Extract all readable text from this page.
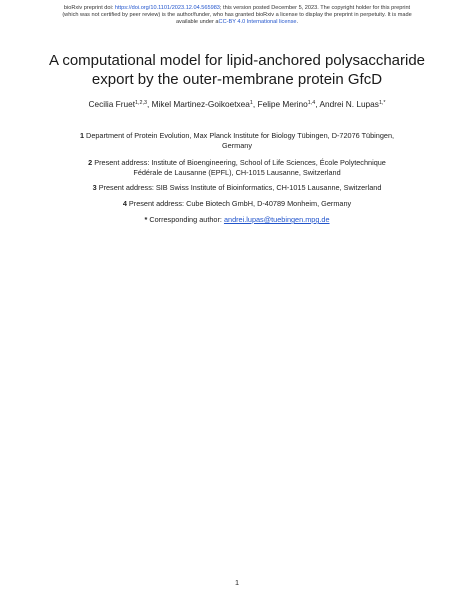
bioRxiv preprint doi: https://doi.org/10.1101/2023.12.04.565983; this version posted December 5, 2023. The copyright holder for this preprint
(which was not certified by peer review) is the author/funder, who has granted bioRxiv a license to display the preprint in perpetuity. It is made
available under aCC-BY 4.0 International license.
A computational model for lipid-anchored polysaccharide
export by the outer-membrane protein GfcD
Cecilia Fruet$^{1,2,3}$, Mikel Martinez-Goikoetxea$^1$, Felipe Merino$^{1,4}$, Andrei N. Lupas$^{1,*}$
1 Department of Protein Evolution, Max Planck Institute for Biology Tübingen, D-72076 Tübingen,
Germany
2 Present address: Institute of Bioengineering, School of Life Sciences, École Polytechnique
Fédérale de Lausanne (EPFL), CH-1015 Lausanne, Switzerland
3 Present address: SIB Swiss Institute of Bioinformatics, CH-1015 Lausanne, Switzerland
4 Present address: Cube Biotech GmbH, D-40789 Monheim, Germany
* Corresponding author: andrei.lupas@tuebingen.mpg.de
1
